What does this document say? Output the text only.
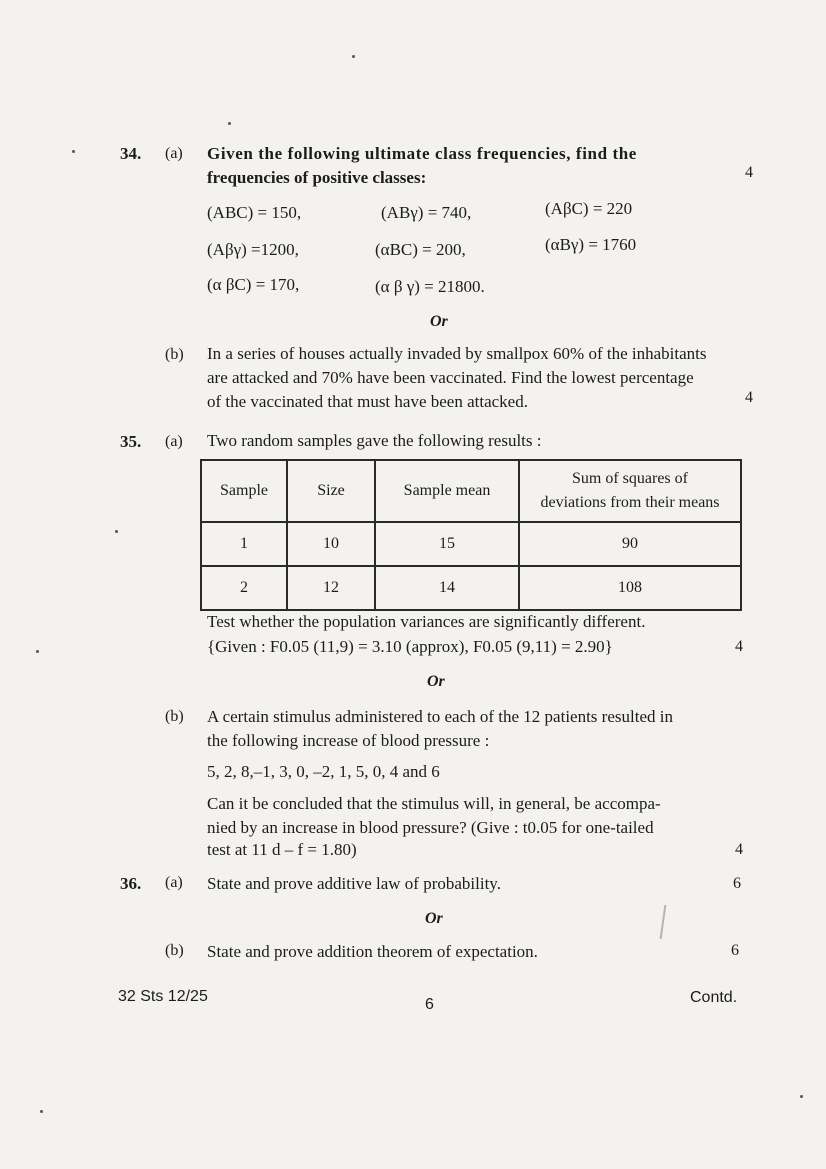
34. (a) Given the following ultimate class frequencies, find the
frequencies of positive classes:	4
(ABC) = 150,	(ABγ) = 740,	(AβC) = 220
(Aβγ) =1200,	(αBC) = 200,	(αBγ) = 1760
(α βC) = 170,	(α β γ) = 21800.
Or
(b) In a series of houses actually invaded by smallpox 60% of the inhabitants
are attacked and 70% have been vaccinated. Find the lowest percentage
of the vaccinated that must have been attacked.	4
35. (a) Two random samples gave the following results :
Sample	Size	Sample mean	Sum of squares of
deviations from their means
1	10	15	90
2	12	14	108
Test whether the population variances are significantly different.
{Given : F0.05 (11,9) = 3.10 (approx), F0.05 (9,11) = 2.90}	4
Or
(b) A certain stimulus administered to each of the 12 patients resulted in
the following increase of blood pressure :
5, 2, 8,–1, 3, 0, –2, 1, 5, 0, 4 and 6
Can it be concluded that the stimulus will, in general, be accompa-
nied by an increase in blood pressure? (Give : t0.05 for one-tailed
test at 11 d – f = 1.80)	4
36. (a) State and prove additive law of probability.	6
Or
(b) State and prove addition theorem of expectation.	6
32 Sts 12/25	6	Contd.
